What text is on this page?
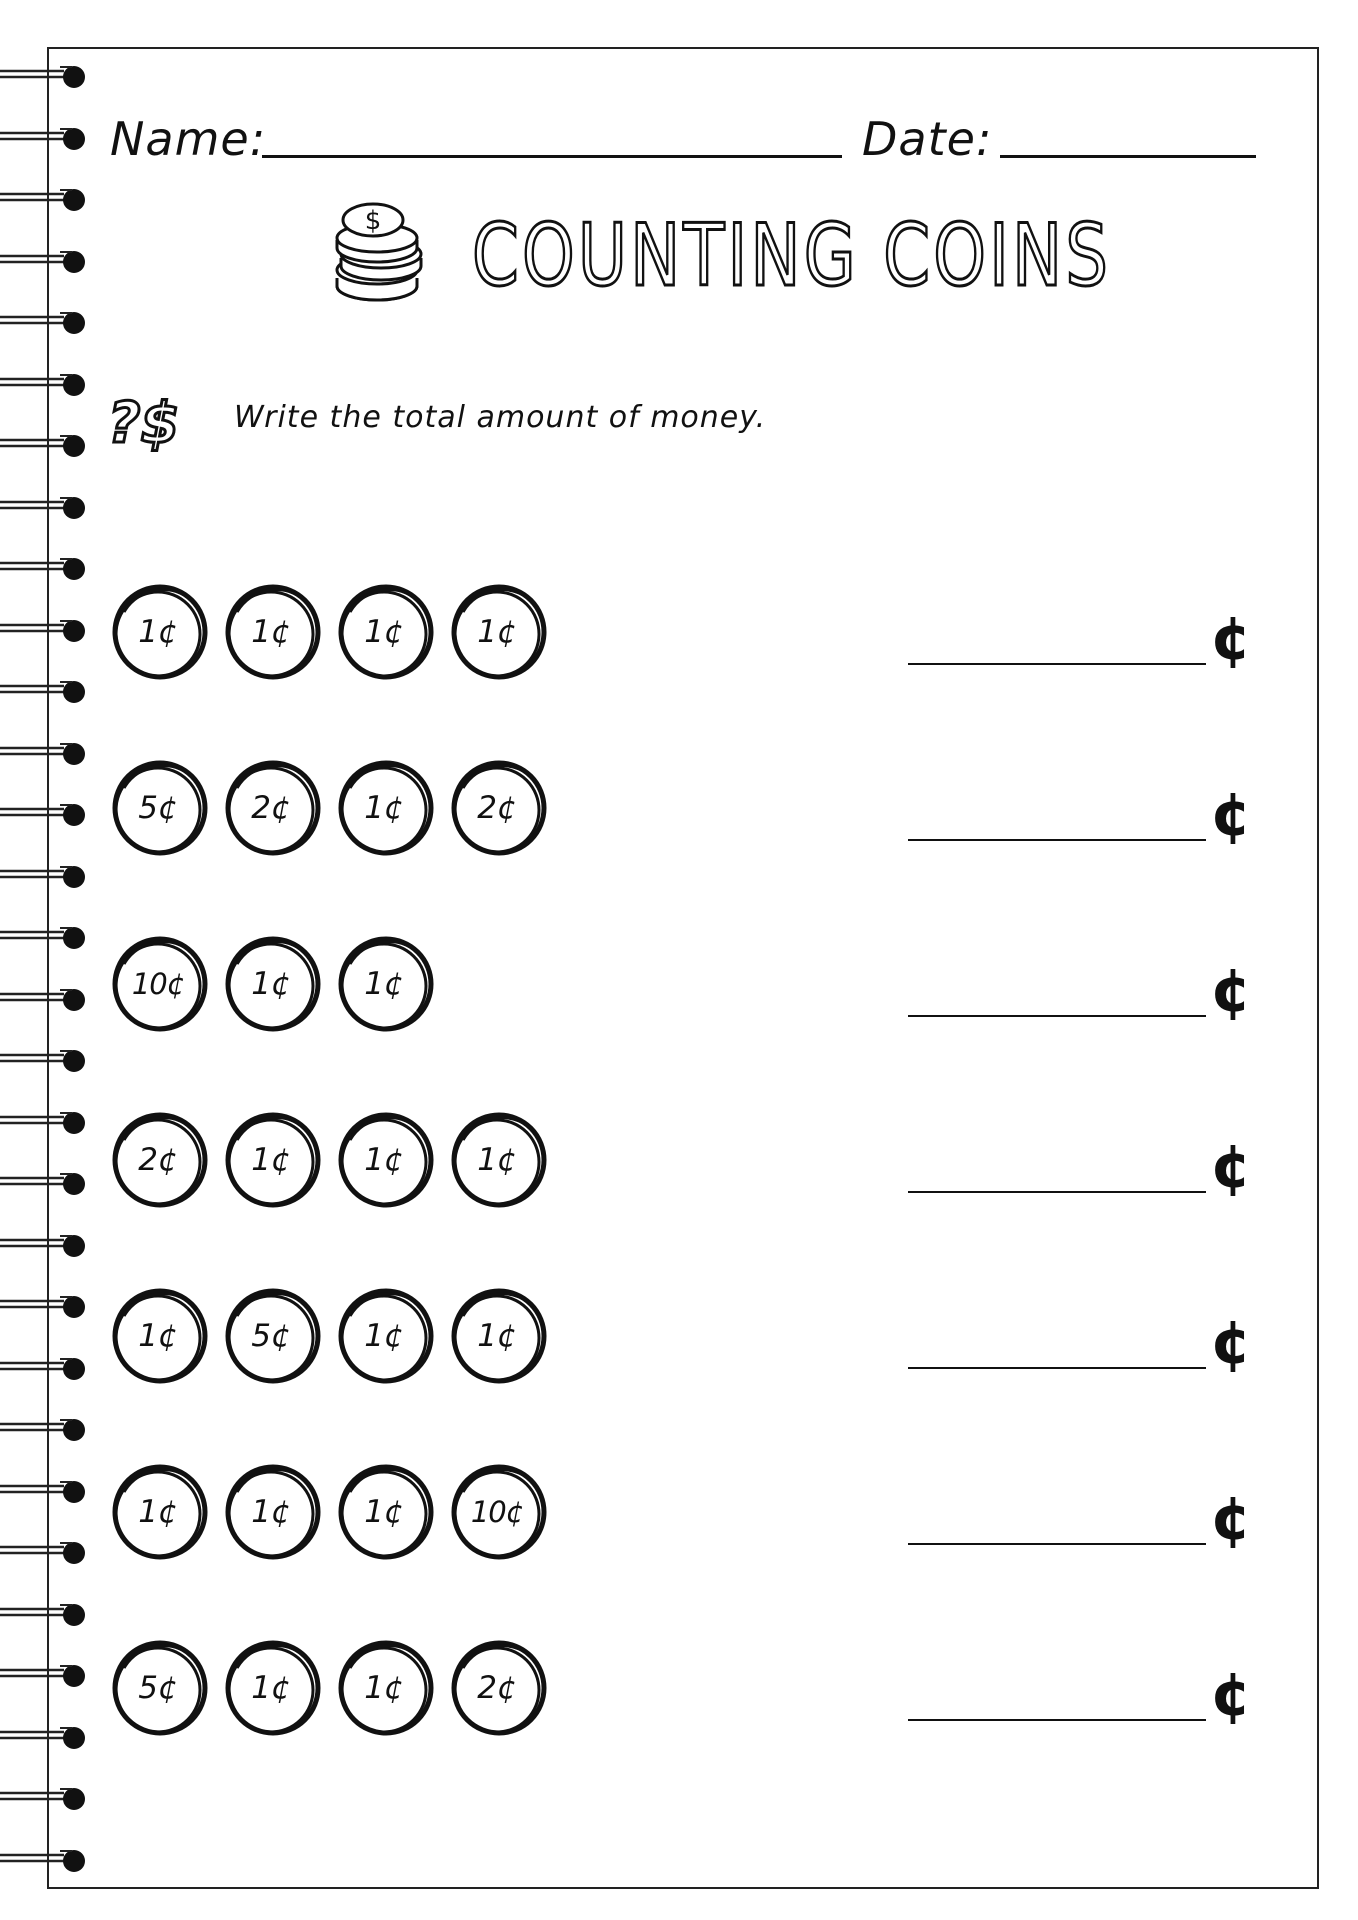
Name:	Date:
$ COUNTING COINS
?$ Write the total amount of money.
1¢	1¢	1¢	1¢	¢
5¢	2¢	1¢	2¢	¢
10¢	1¢	1¢	¢
2¢	1¢	1¢	1¢	¢
1¢	5¢	1¢	1¢	¢
1¢	1¢	1¢	10¢	¢
5¢	1¢	1¢	2¢	¢
